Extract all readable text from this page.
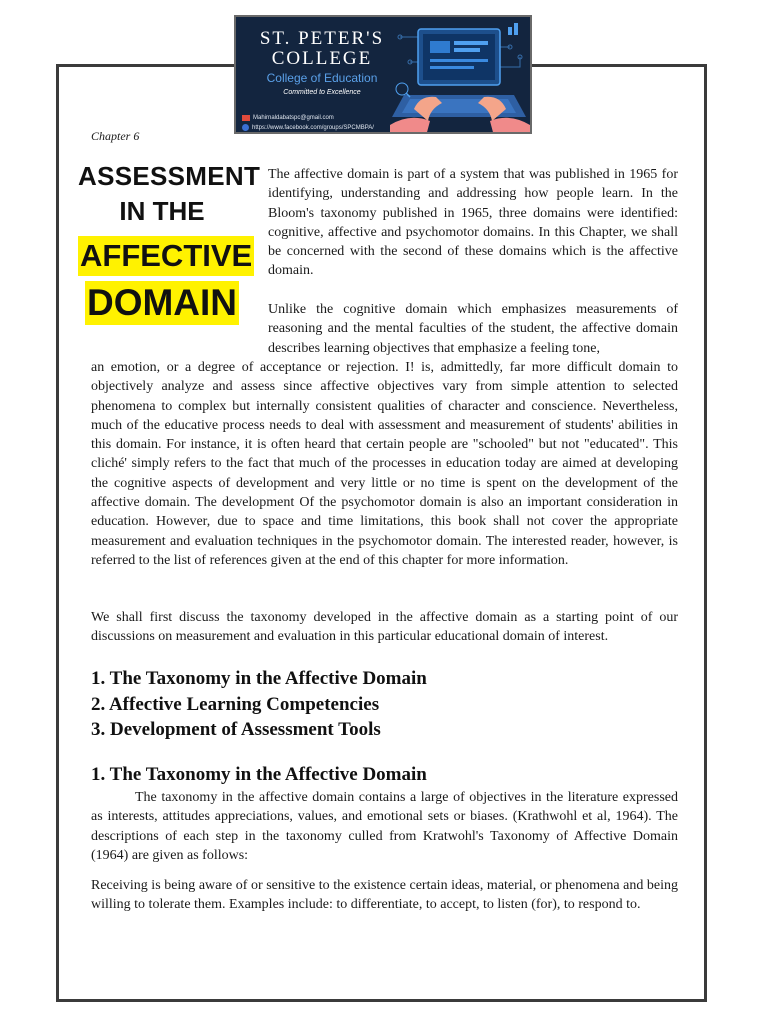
ST. PETER'S
COLLEGE
College of Education
Committed to Excellence
Mahirnaldabatspc@gmail.com
https://www.facebook.com/groups/SPCMBPA/
Chapter 6
ASSESSMENT
IN THE
AFFECTIVE
DOMAIN
The affective domain is part of a system that was published in 1965 for identifying, understanding and addressing how people learn. In the Bloom's taxonomy published in 1965, three domains were identified: cognitive, affective and psychomotor domains. In this Chapter, we shall be concerned with the second of these domains which is the affective domain.
Unlike the cognitive domain which emphasizes measurements of reasoning and the mental faculties of the student, the affective domain describes learning objectives that emphasize a feeling tone,
an emotion, or a degree of acceptance or rejection. I! is, admittedly, far more difficult domain to objectively analyze and assess since affective objectives vary from simple attention to selected phenomena to complex but internally consistent qualities of character and conscience. Nevertheless, much of the educative process needs to deal with assessment and measurement of students' abilities in this domain. For instance, it is often heard that certain people are "schooled" but not "educated". This cliché' simply refers to the fact that much of the processes in education today are aimed at developing the cognitive aspects of development and very little or no time is spent on the development of the affective domain. The development Of the psychomotor domain is also an important consideration in education. However, due to space and time limitations, this book shall not cover the appropriate measurement and evaluation techniques in the psychomotor domain. The interested reader, however, is referred to the list of references given at the end of this chapter for more information.
We shall first discuss the taxonomy developed in the affective domain as a starting point of our discussions on measurement and evaluation in this particular educational domain of interest.
1. The Taxonomy in the Affective Domain
2. Affective Learning Competencies
3. Development of Assessment Tools
1. The Taxonomy in the Affective Domain
The taxonomy in the affective domain contains a large of objectives in the literature expressed as interests, attitudes appreciations, values, and emotional sets or biases. (Krathwohl et al, 1964). The descriptions of each step in the taxonomy culled from Kratwohl's Taxonomy of Affective Domain (1964) are given as follows:
Receiving is being aware of or sensitive to the existence certain ideas, material, or phenomena and being willing to tolerate them. Examples include: to differentiate, to accept, to listen (for), to respond to.
